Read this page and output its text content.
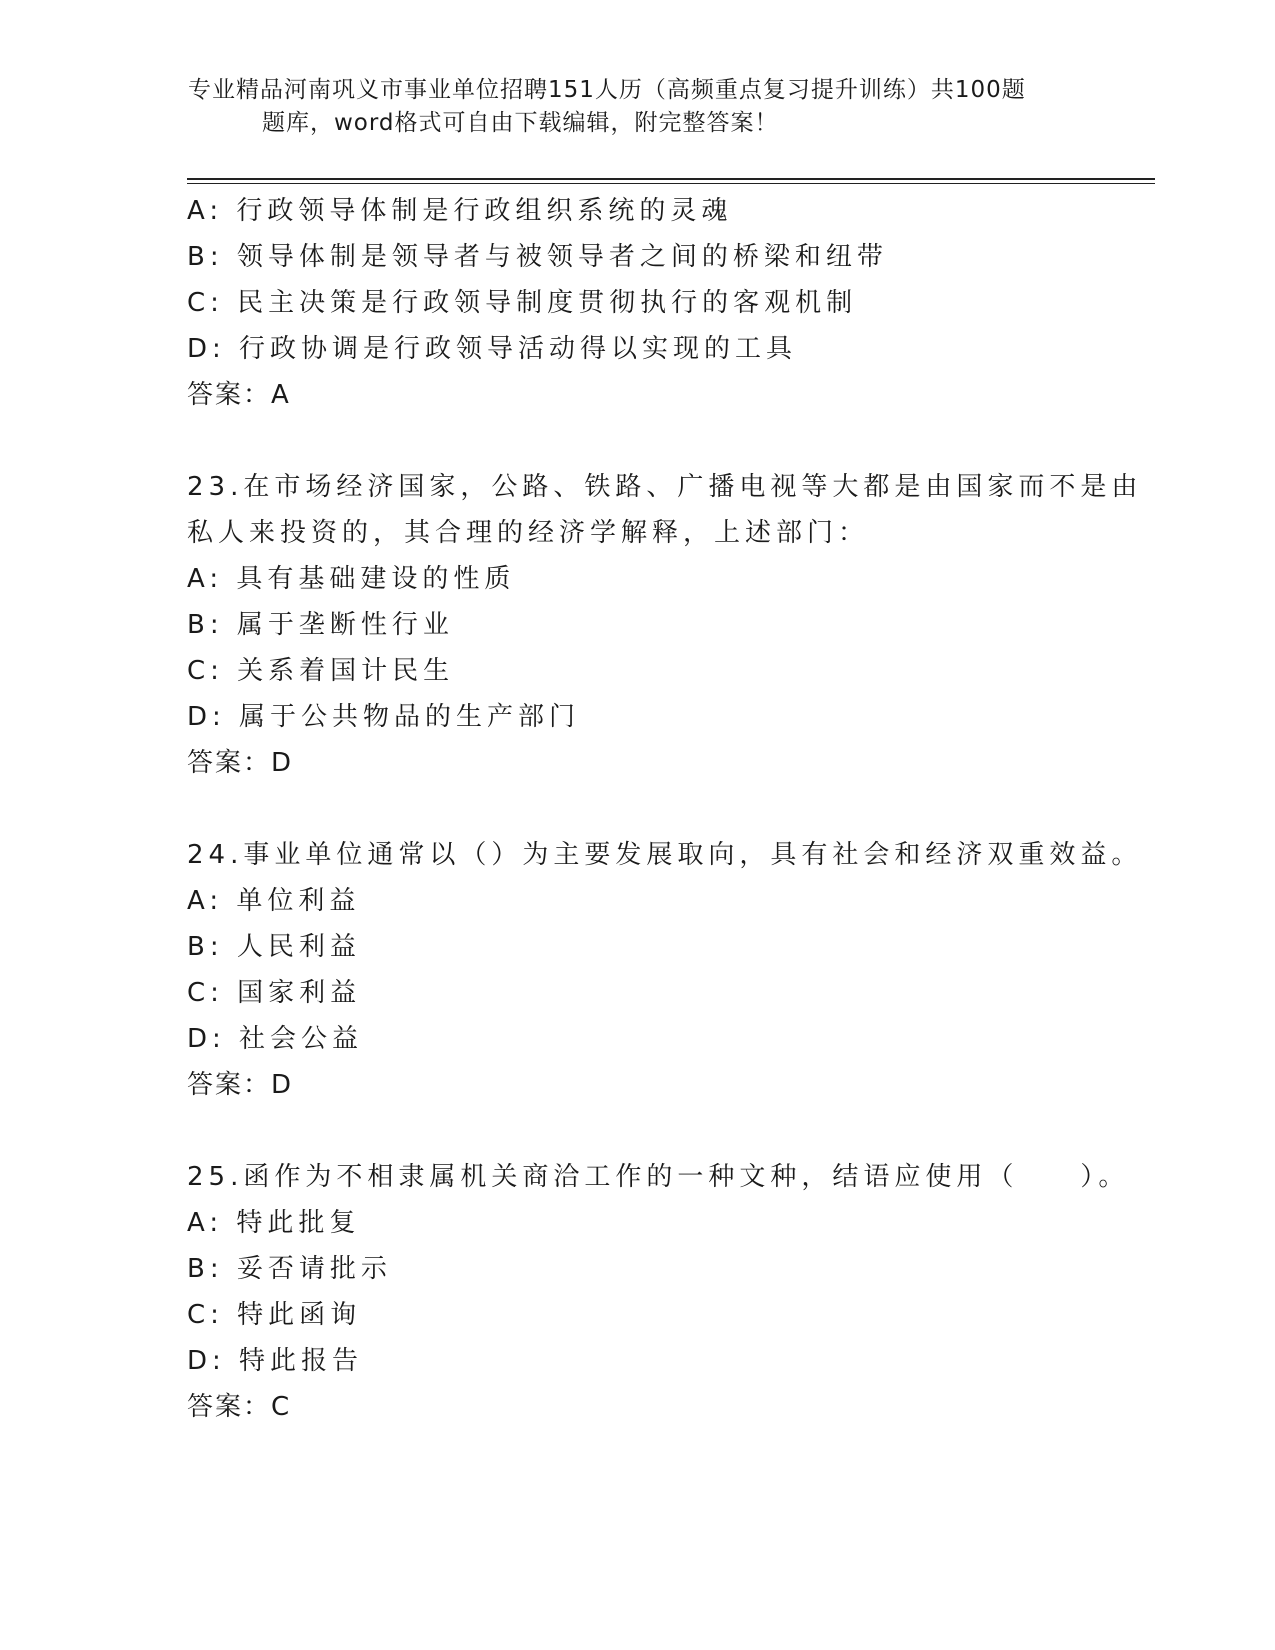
专业精品河南巩义市事业单位招聘151人历（高频重点复习提升训练）共100题
题库，word格式可自由下载编辑，附完整答案！
A: 行政领导体制是行政组织系统的灵魂
B: 领导体制是领导者与被领导者之间的桥梁和纽带
C: 民主决策是行政领导制度贯彻执行的客观机制
D: 行政协调是行政领导活动得以实现的工具
答案：A
23.在市场经济国家，公路、铁路、广播电视等大都是由国家而不是由
私人来投资的，其合理的经济学解释，上述部门：
A: 具有基础建设的性质
B: 属于垄断性行业
C: 关系着国计民生
D: 属于公共物品的生产部门
答案：D
24.事业单位通常以（）为主要发展取向，具有社会和经济双重效益。
A: 单位利益
B: 人民利益
C: 国家利益
D: 社会公益
答案：D
25.函作为不相隶属机关商洽工作的一种文种，结语应使用（　　）。
A: 特此批复
B: 妥否请批示
C: 特此函询
D: 特此报告
答案：C
